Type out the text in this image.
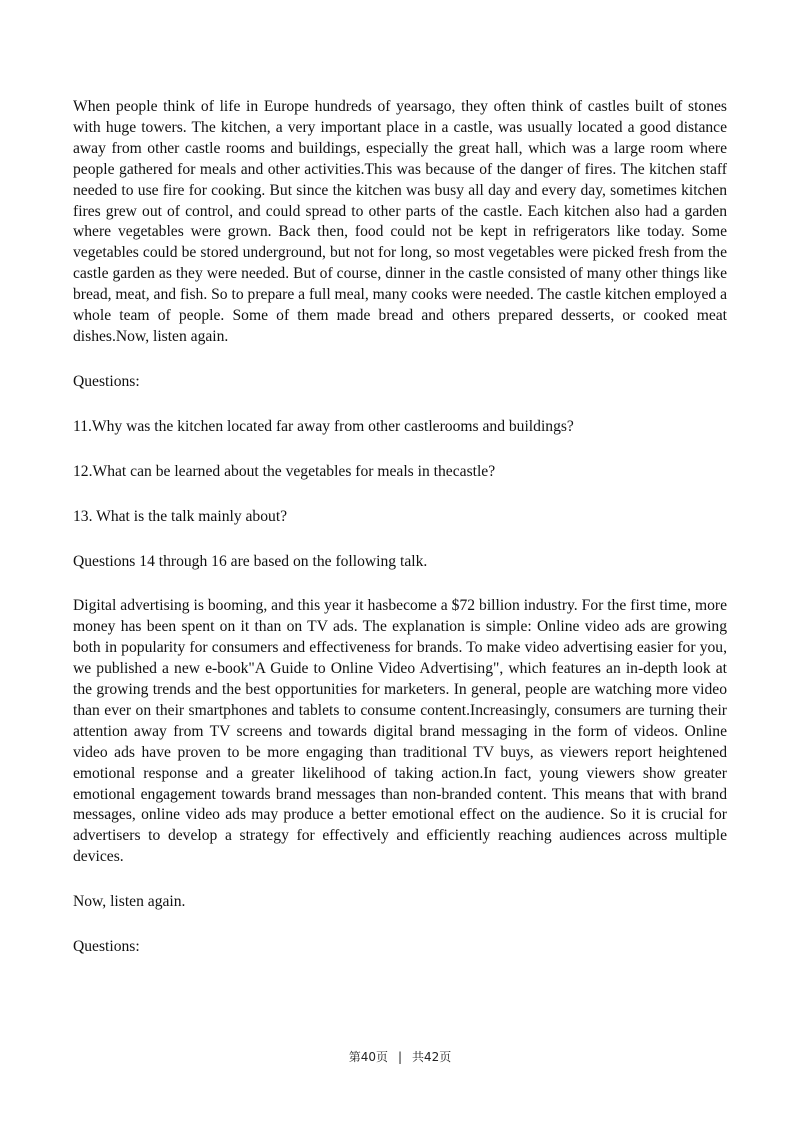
When people think of life in Europe hundreds of yearsago, they often think of castles built of stones with huge towers. The kitchen, a very important place in a castle, was usually located a good distance away from other castle rooms and buildings, especially the great hall, which was a large room where people gathered for meals and other activities.This was because of the danger of fires. The kitchen staff needed to use fire for cooking. But since the kitchen was busy all day and every day, sometimes kitchen fires grew out of control, and could spread to other parts of the castle. Each kitchen also had a garden where vegetables were grown. Back then, food could not be kept in refrigerators like today. Some vegetables could be stored underground, but not for long, so most vegetables were picked fresh from the castle garden as they were needed. But of course, dinner in the castle consisted of many other things like bread, meat, and fish. So to prepare a full meal, many cooks were needed. The castle kitchen employed a whole team of people. Some of them made bread and others prepared desserts, or cooked meat dishes.Now, listen again.

Questions:

11.Why was the kitchen located far away from other castlerooms and buildings?

12.What can be learned about the vegetables for meals in thecastle?

13. What is the talk mainly about?

Questions 14 through 16 are based on the following talk.

Digital advertising is booming, and this year it hasbecome a $72 billion industry. For the first time, more money has been spent on it than on TV ads. The explanation is simple: Online video ads are growing both in popularity for consumers and effectiveness for brands. To make video advertising easier for you, we published a new e-book"A Guide to Online Video Advertising", which features an in-depth look at the growing trends and the best opportunities for marketers. In general, people are watching more video than ever on their smartphones and tablets to consume content.Increasingly, consumers are turning their attention away from TV screens and towards digital brand messaging in the form of videos. Online video ads have proven to be more engaging than traditional TV buys, as viewers report heightened emotional response and a greater likelihood of taking action.In fact, young viewers show greater emotional engagement towards brand messages than non-branded content. This means that with brand messages, online video ads may produce a better emotional effect on the audience. So it is crucial for advertisers to develop a strategy for effectively and efficiently reaching audiences across multiple devices.

Now, listen again.

Questions:

第40页 | 共42页
